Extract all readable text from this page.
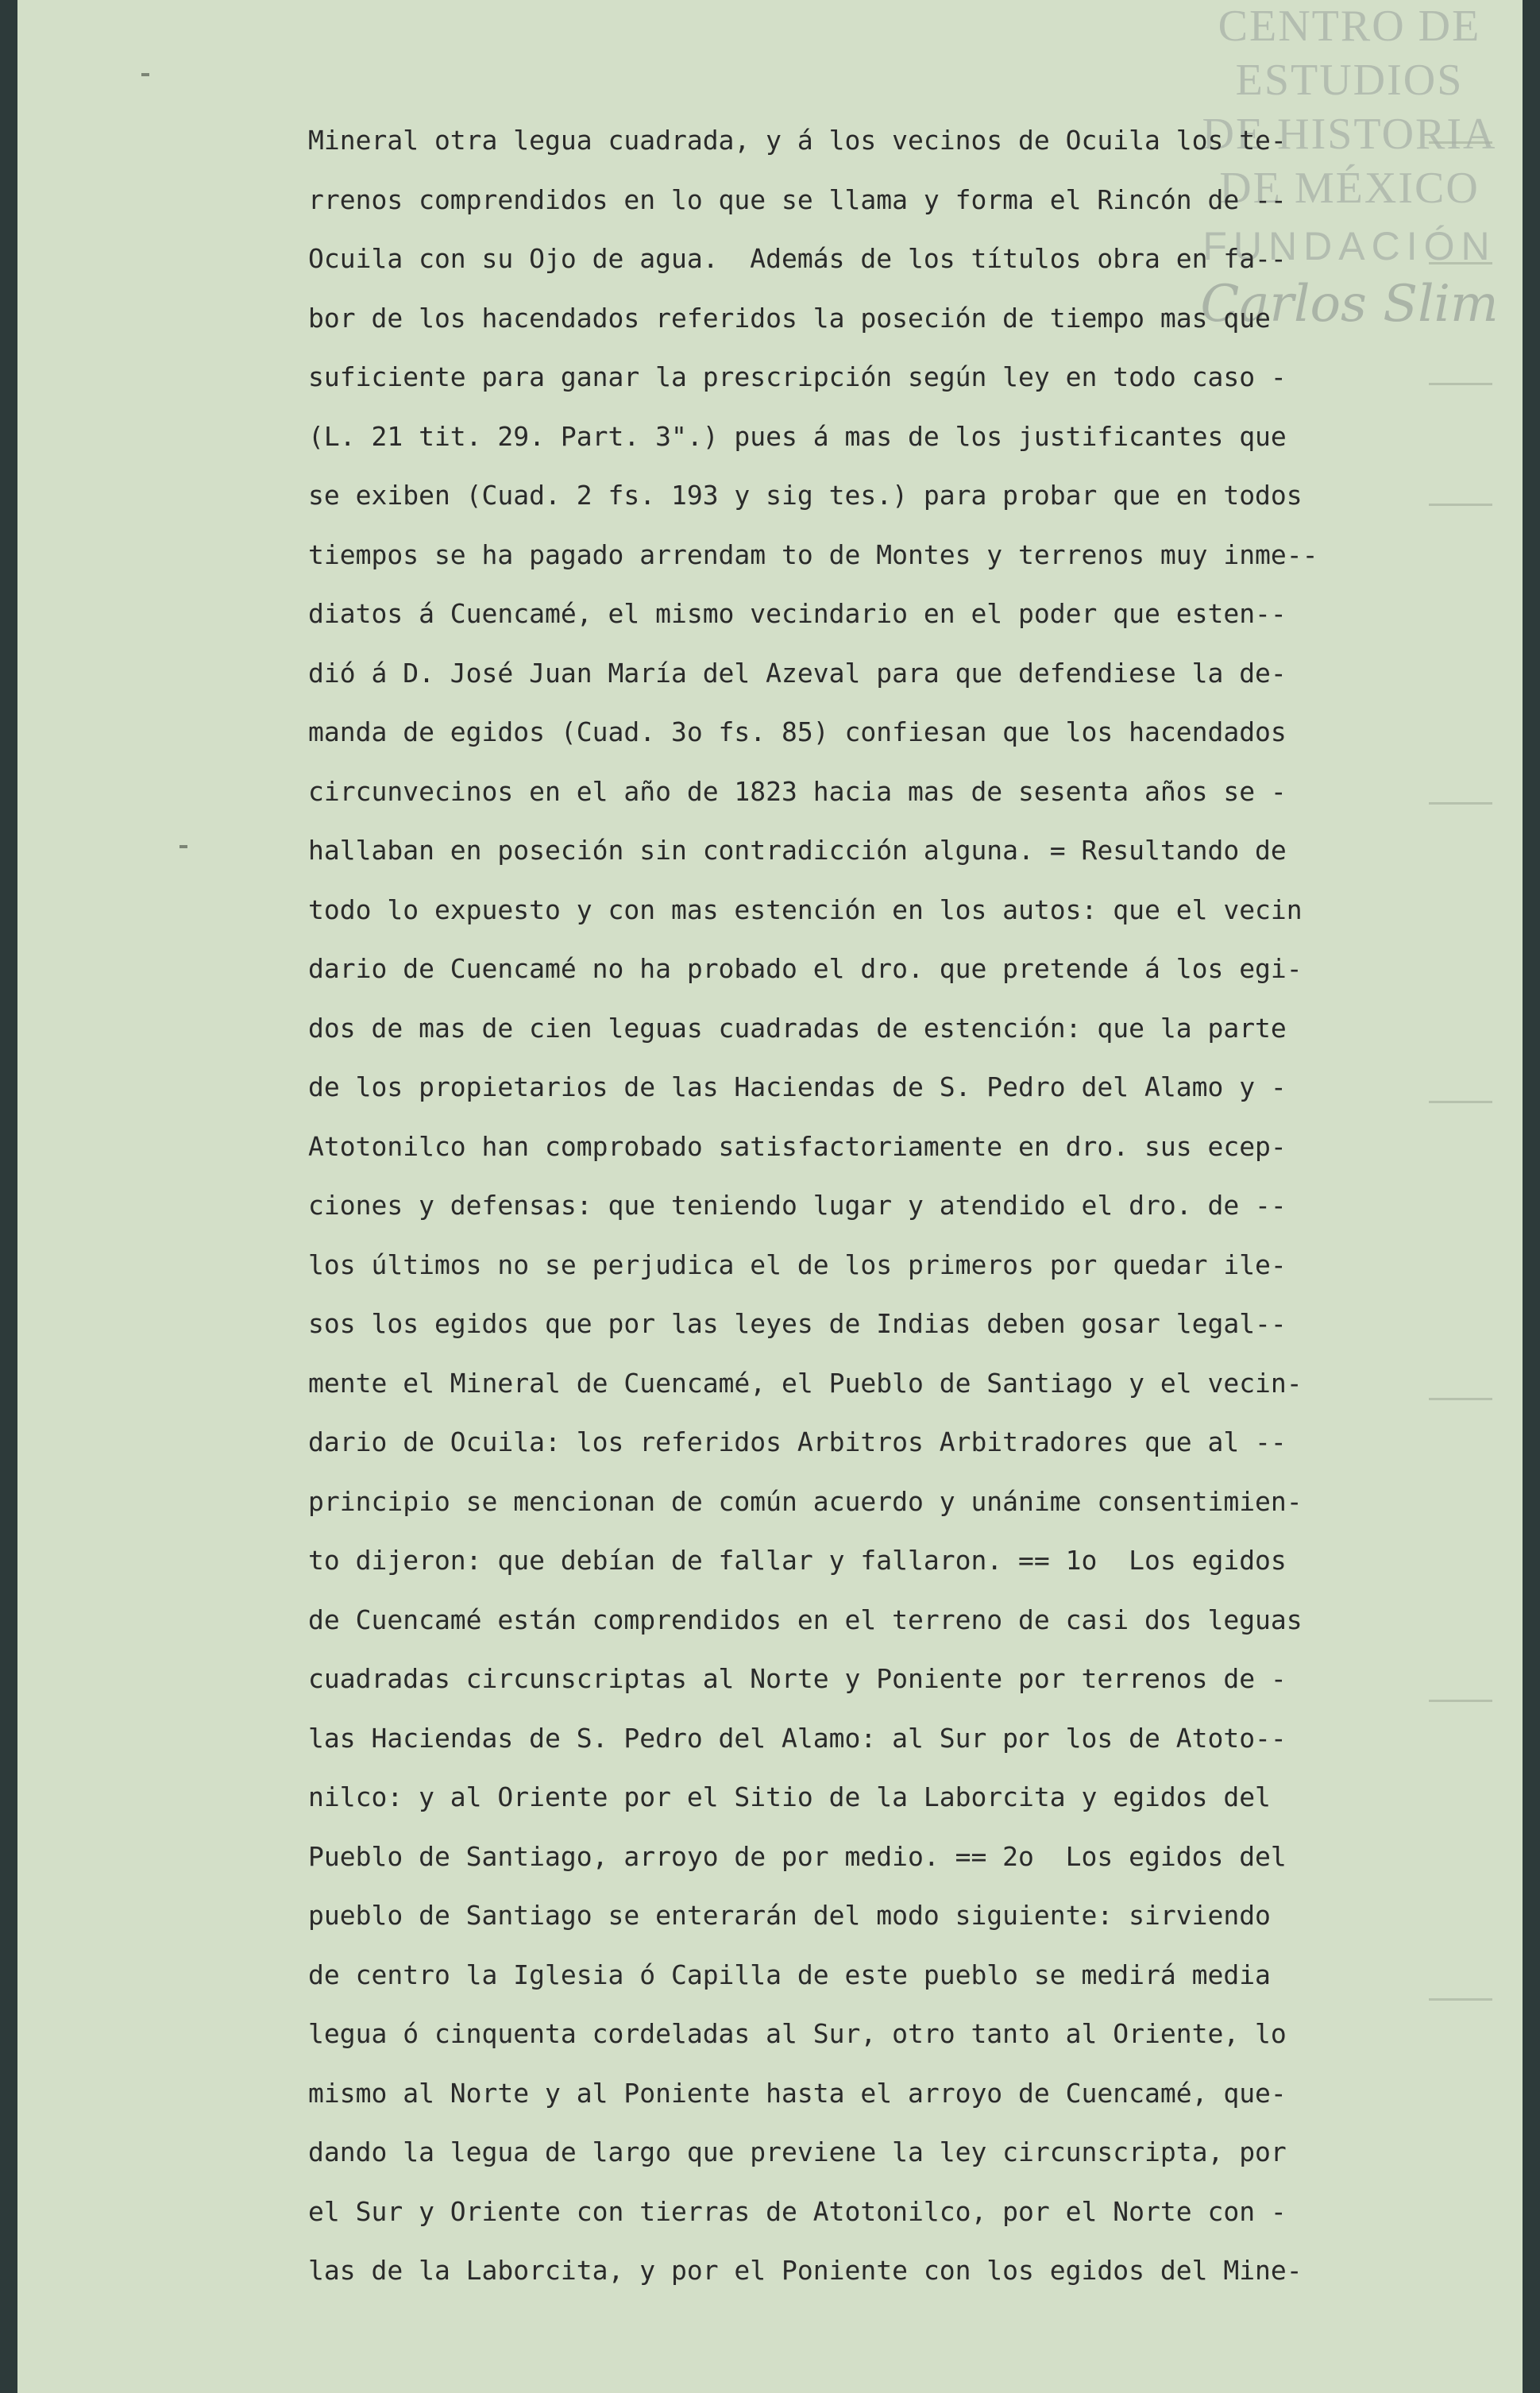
CENTRO DE
ESTUDIOS
DE HISTORIA
DE MÉXICO
FUNDACIÓN
Carlos Slim
Mineral otra legua cuadrada, y á los vecinos de Ocuila los te-
rrenos comprendidos en lo que se llama y forma el Rincón de --
Ocuila con su Ojo de agua.  Además de los títulos obra en fa--
bor de los hacendados referidos la poseción de tiempo mas que
suficiente para ganar la prescripción según ley en todo caso -
(L. 21 tit. 29. Part. 3".) pues á mas de los justificantes que
se exiben (Cuad. 2 fs. 193 y sig tes.) para probar que en todos
tiempos se ha pagado arrendam to de Montes y terrenos muy inme--
diatos á Cuencamé, el mismo vecindario en el poder que esten--
dió á D. José Juan María del Azeval para que defendiese la de-
manda de egidos (Cuad. 3o fs. 85) confiesan que los hacendados
circunvecinos en el año de 1823 hacia mas de sesenta años se -
hallaban en poseción sin contradicción alguna. = Resultando de
todo lo expuesto y con mas estención en los autos: que el vecin
dario de Cuencamé no ha probado el dro. que pretende á los egi-
dos de mas de cien leguas cuadradas de estención: que la parte
de los propietarios de las Haciendas de S. Pedro del Alamo y -
Atotonilco han comprobado satisfactoriamente en dro. sus ecep-
ciones y defensas: que teniendo lugar y atendido el dro. de --
los últimos no se perjudica el de los primeros por quedar ile-
sos los egidos que por las leyes de Indias deben gosar legal--
mente el Mineral de Cuencamé, el Pueblo de Santiago y el vecin-
dario de Ocuila: los referidos Arbitros Arbitradores que al --
principio se mencionan de común acuerdo y unánime consentimien-
to dijeron: que debían de fallar y fallaron. == 1o  Los egidos
de Cuencamé están comprendidos en el terreno de casi dos leguas
cuadradas circunscriptas al Norte y Poniente por terrenos de -
las Haciendas de S. Pedro del Alamo: al Sur por los de Atoto--
nilco: y al Oriente por el Sitio de la Laborcita y egidos del
Pueblo de Santiago, arroyo de por medio. == 2o  Los egidos del
pueblo de Santiago se enterarán del modo siguiente: sirviendo
de centro la Iglesia ó Capilla de este pueblo se medirá media
legua ó cinquenta cordeladas al Sur, otro tanto al Oriente, lo
mismo al Norte y al Poniente hasta el arroyo de Cuencamé, que-
dando la legua de largo que previene la ley circunscripta, por
el Sur y Oriente con tierras de Atotonilco, por el Norte con -
las de la Laborcita, y por el Poniente con los egidos del Mine-
